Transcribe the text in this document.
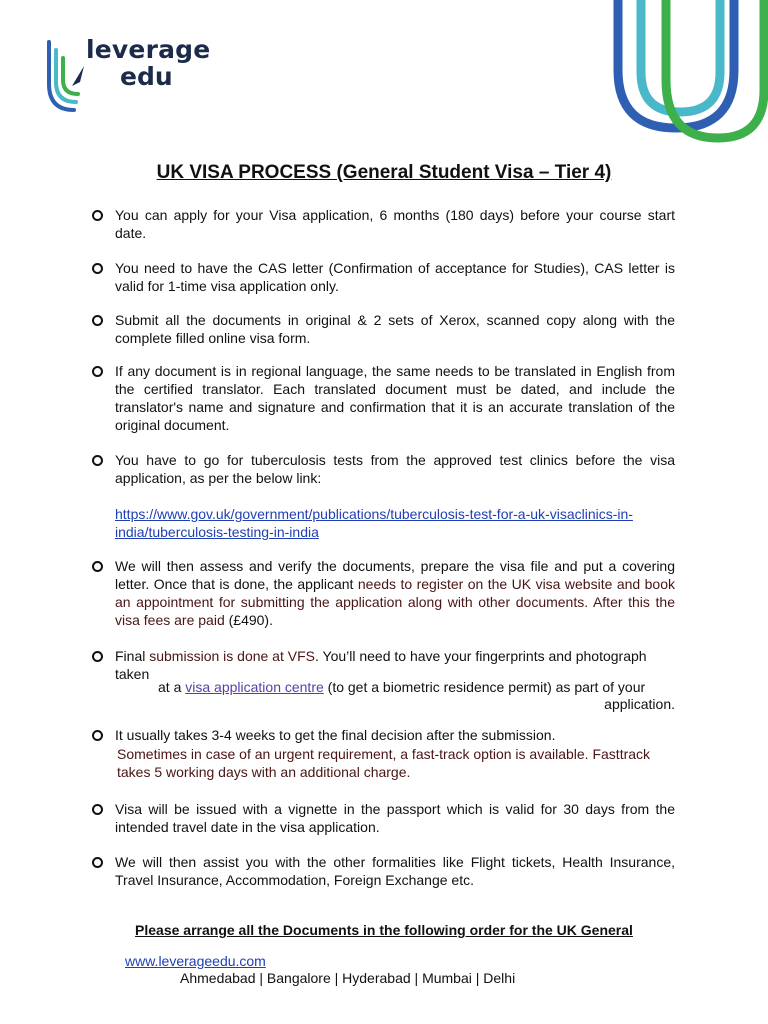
leverage
edu
UK VISA PROCESS (General Student Visa – Tier 4)
You can apply for your Visa application, 6 months (180 days) before your course start date.
You need to have the CAS letter (Confirmation of acceptance for Studies), CAS letter is valid for 1-time visa application only.
Submit all the documents in original & 2 sets of Xerox, scanned copy along with the complete filled online visa form.
If any document is in regional language, the same needs to be translated in English from the certified translator. Each translated document must be dated, and include the translator's name and signature and confirmation that it is an accurate translation of the original document.
You have to go for tuberculosis tests from the approved test clinics before the visa application, as per the below link:
https://www.gov.uk/government/publications/tuberculosis-test-for-a-uk-visaclinics-in-
india/tuberculosis-testing-in-india
We will then assess and verify the documents, prepare the visa file and put a covering letter. Once that is done, the applicant needs to register on the UK visa website and book an appointment for submitting the application along with other documents. After this the visa fees are paid (£490).
Final submission is done at VFS. You’ll need to have your fingerprints and photograph taken
at a visa application centre (to get a biometric residence permit) as part of your
application.
It usually takes 3-4 weeks to get the final decision after the submission.
Sometimes in case of an urgent requirement, a fast-track option is available. Fasttrack takes 5 working days with an additional charge.
Visa will be issued with a vignette in the passport which is valid for 30 days from the intended travel date in the visa application.
We will then assist you with the other formalities like Flight tickets, Health Insurance, Travel Insurance, Accommodation, Foreign Exchange etc.
Please arrange all the Documents in the following order for the UK General
www.leverageedu.com
Ahmedabad | Bangalore | Hyderabad | Mumbai | Delhi
